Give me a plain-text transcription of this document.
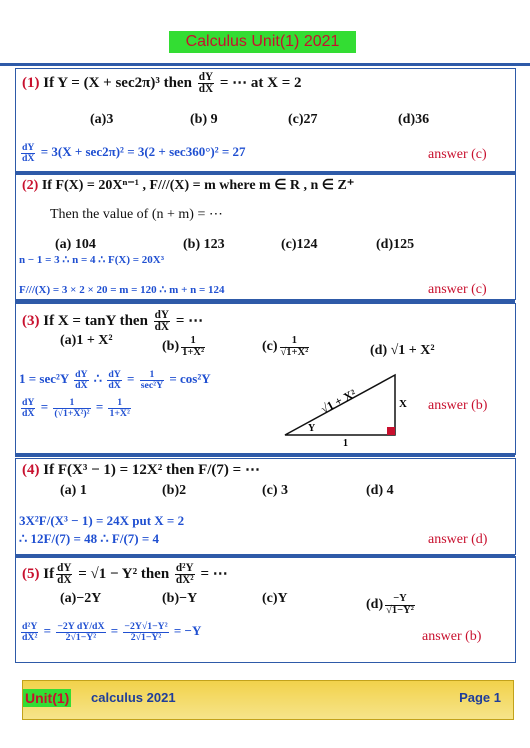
Calculus Unit(1) 2021
(1) If Y = (X + sec2π)³ then $\frac{dY}{dX}$ = ⋯ at X = 2
(a)3	(b) 9	(c)27	(d)36
$\frac{dY}{dX} = 3(X + \sec 2\pi)^2 = 3(2 + \sec 360^\circ)^2 = 27$	answer (c)
(2) If F(X) = 20Xⁿ⁻¹ , F///(X) = m where m ∈ R , n ∈ Z⁺
Then the value of (n + m) = ⋯
(a) 104	(b) 123	(c)124	(d)125
n − 1 = 3 ∴ n = 4 ∴ F(X) = 20X³
F///(X) = 3 × 2 × 20 = m = 120 ∴ m + n = 124	answer (c)
(3) If X = tanY then $\frac{dY}{dX}$ = ⋯
(a)1 + X²	$(b) \frac{1}{\text{1+X²}}$	$(c) \frac{1}{\text{√1+X²}}$	(d) √1 + X²
$1 = \sec^2Y \frac{dY}{dX}$ ∴ $\frac{dY}{dX} = \frac{1}{\text{sec²Y}} = \cos^2Y$
$\frac{dY}{dX} = \frac{1}{\text{(√1+X²)²}} = \frac{1}{\text{1+X²}}$	√1 + X²	X
1
Y
answer (b)
(4) If F(X³ − 1) = 12X² then F/(7) = ⋯
(a) 1	(b)2	(c) 3	(d) 4
3X²F/(X³ − 1) = 24X put X = 2
∴ 12F/(7) = 48 ∴ F/(7) = 4	answer (d)
(5) If $\frac{dY}{dX} = √1 - Y^2$ then $\frac{\text{d²Y}}{\text{dX²}}$ = ⋯
(a)−2Y	(b)−Y	(c)Y	$(d) \frac{-Y}{\text{√1−Y²}}$
$\frac{\text{d²Y}}{\text{dX²}} = \frac{\text{−2Y dY/dX}}{\text{2√1−Y²}} = \frac{\text{−2Y√1−Y²}}{\text{2√1−Y²}} = -Y$	answer (b)
Unit(1) calculus 2021	Page 1
